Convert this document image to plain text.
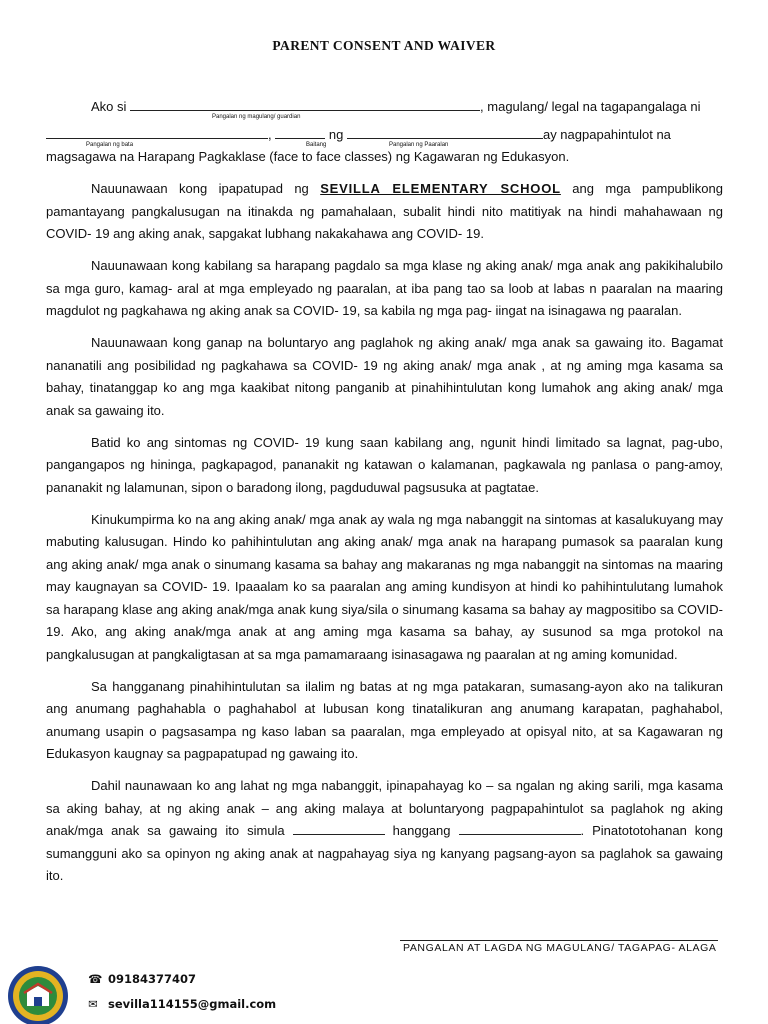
PARENT CONSENT AND WAIVER
Ako si	, magulang/ legal na tagapangalaga ni
Pangalan ng magulang/ guardian
,	ng	ay nagpapahintulot na
Pangalan ng bata	Baitang	Pangalan ng Paaralan
magsagawa na Harapang Pagkaklase (face to face classes) ng Kagawaran ng Edukasyon.

Nauunawaan kong ipapatupad ng SEVILLA ELEMENTARY SCHOOL ang mga pampublikong pamantayang pangkalusugan na itinakda ng pamahalaan, subalit hindi nito matitiyak na hindi mahahawaan ng COVID- 19 ang aking anak, sapgakat lubhang nakakahawa ang COVID- 19.

Nauunawaan kong kabilang sa harapang pagdalo sa mga klase ng aking anak/ mga anak ang pakikihalubilo sa mga guro, kamag- aral at mga empleyado ng paaralan, at iba pang tao sa loob at labas n paaralan na maaring magdulot ng pagkahawa ng aking anak sa COVID- 19, sa kabila ng mga pag- iingat na isinagawa ng paaralan.

Nauunawaan kong ganap na boluntaryo ang paglahok ng aking anak/ mga anak sa gawaing ito. Bagamat nananatili ang posibilidad ng pagkahawa sa COVID- 19 ng aking anak/ mga anak , at ng aming mga kasama sa bahay, tinatanggap ko ang mga kaakibat nitong panganib at pinahihintulutan kong lumahok ang aking anak/ mga anak sa gawaing ito.

Batid ko ang sintomas ng COVID- 19 kung saan kabilang ang, ngunit hindi limitado sa lagnat, pag-ubo, pangangapos ng hininga, pagkapagod, pananakit ng katawan o kalamanan, pagkawala ng panlasa o pang-amoy, pananakit ng lalamunan, sipon o baradong ilong, pagduduwal pagsusuka at pagtatae.

Kinukumpirma ko na ang aking anak/ mga anak ay wala ng mga nabanggit na sintomas at kasalukuyang may mabuting kalusugan. Hindo ko pahihintulutan ang aking anak/ mga anak na harapang pumasok sa paaralan kung ang aking anak/ mga anak o sinumang kasama sa bahay ang makaranas ng mga nabanggit na sintomas na maaring may kaugnayan sa COVID- 19. Ipaaalam ko sa paaralan ang aming kundisyon at hindi ko pahihintulutang lumahok sa harapang klase ang aking anak/mga anak kung siya/sila o sinumang kasama sa bahay ay magpositibo sa COVID-19. Ako, ang aking anak/mga anak at ang aming mga kasama sa bahay, ay susunod sa mga protokol na pangkalusugan at pangkaligtasan at sa mga pamamaraang isinasagawa ng paaralan at ng aming komunidad.

Sa hangganang pinahihintulutan sa ilalim ng batas at ng mga patakaran, sumasang-ayon ako na talikuran ang anumang paghahabla o paghahabol at lubusan kong tinatalikuran ang anumang karapatan, paghahabol, anumang usapin o pagsasampa ng kaso laban sa paaralan, mga empleyado at opisyal nito, at sa Kagawaran ng Edukasyon kaugnay sa pagpapatupad ng gawaing ito.

Dahil naunawaan ko ang lahat ng mga nabanggit, ipinapahayag ko – sa ngalan ng aking sarili, mga kasama sa aking bahay, at ng aking anak – ang aking malaya at boluntaryong pagpapahintulot sa paglahok ng aking anak/mga anak sa gawaing ito simula	hanggang	. Pinatototohanan kong sumangguni ako sa opinyon ng aking anak at nagpahayag siya ng kanyang pagsang-ayon sa paglahok sa gawaing ito.

PANGALAN AT LAGDA NG MAGULANG/ TAGAPAG- ALAGA
☎ 09184377407
✉ sevilla114155@gmail.com
